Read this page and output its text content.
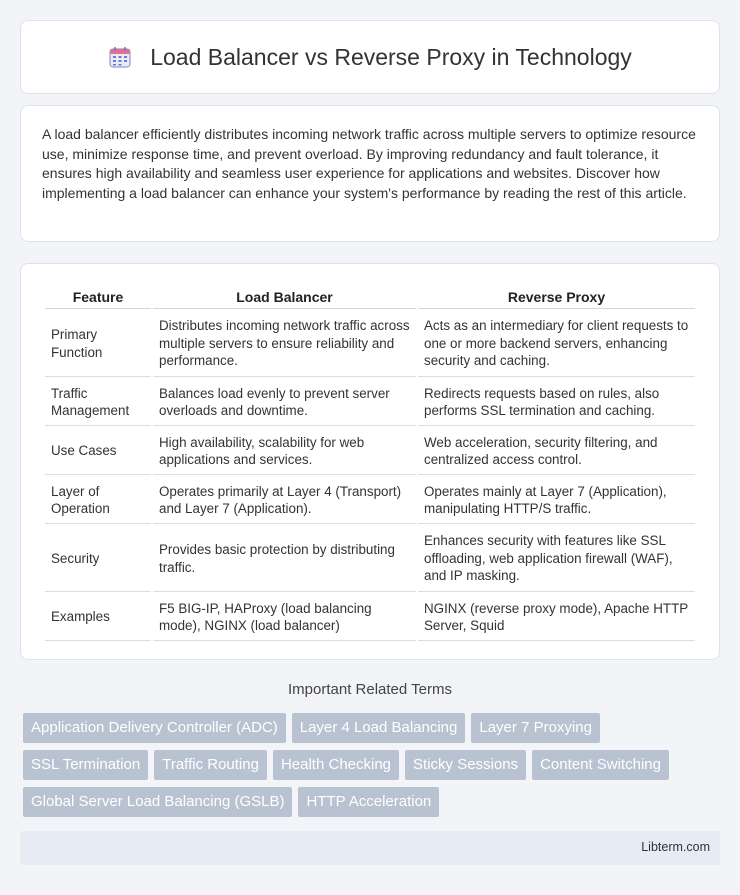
Load Balancer vs Reverse Proxy in Technology

A load balancer efficiently distributes incoming network traffic across multiple servers to optimize resource use, minimize response time, and prevent overload. By improving redundancy and fault tolerance, it ensures high availability and seamless user experience for applications and websites. Discover how implementing a load balancer can enhance your system's performance by reading the rest of this article.

Feature	Load Balancer	Reverse Proxy
Primary Function	Distributes incoming network traffic across multiple servers to ensure reliability and performance.	Acts as an intermediary for client requests to one or more backend servers, enhancing security and caching.
Traffic Management	Balances load evenly to prevent server overloads and downtime.	Redirects requests based on rules, also performs SSL termination and caching.
Use Cases	High availability, scalability for web applications and services.	Web acceleration, security filtering, and centralized access control.
Layer of Operation	Operates primarily at Layer 4 (Transport) and Layer 7 (Application).	Operates mainly at Layer 7 (Application), manipulating HTTP/S traffic.
Security	Provides basic protection by distributing traffic.	Enhances security with features like SSL offloading, web application firewall (WAF), and IP masking.
Examples	F5 BIG-IP, HAProxy (load balancing mode), NGINX (load balancer)	NGINX (reverse proxy mode), Apache HTTP Server, Squid
Important Related Terms
Application Delivery Controller (ADC)	Layer 4 Load Balancing	Layer 7 Proxying
SSL Termination	Traffic Routing	Health Checking	Sticky Sessions	Content Switching
Global Server Load Balancing (GSLB)	HTTP Acceleration
Libterm.com
